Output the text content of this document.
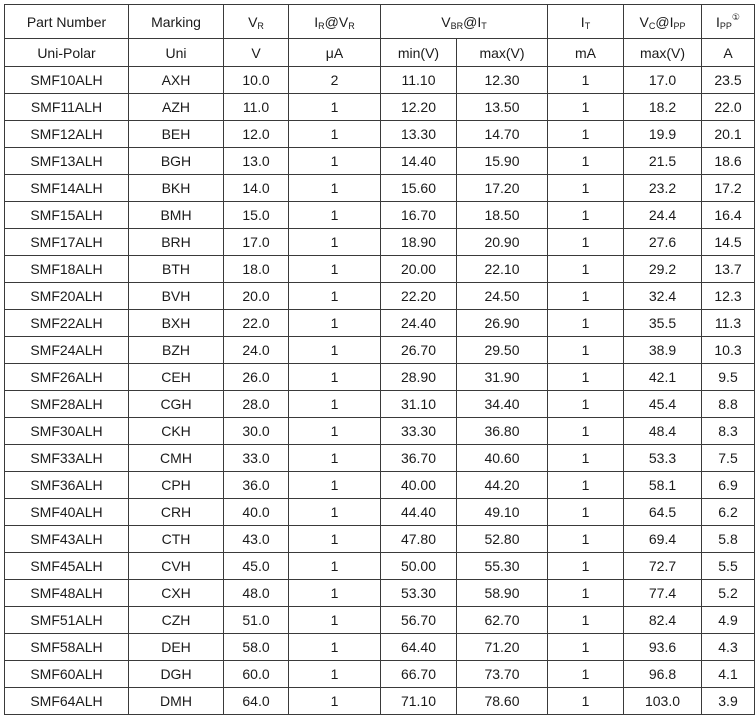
Part Number	Marking	$V_R$	$I_R@V_R$	$V_{BR}@I_T$		$I_T$	$V_C@I_{PP}$	$I_{PP}^①$
Uni-Polar	Uni	V	μA	min(V)	max(V)	mA	max(V)	A
SMF10ALH	AXH	10.0	2	11.10	12.30	1	17.0	23.5
SMF11ALH	AZH	11.0	1	12.20	13.50	1	18.2	22.0
SMF12ALH	BEH	12.0	1	13.30	14.70	1	19.9	20.1
SMF13ALH	BGH	13.0	1	14.40	15.90	1	21.5	18.6
SMF14ALH	BKH	14.0	1	15.60	17.20	1	23.2	17.2
SMF15ALH	BMH	15.0	1	16.70	18.50	1	24.4	16.4
SMF17ALH	BRH	17.0	1	18.90	20.90	1	27.6	14.5
SMF18ALH	BTH	18.0	1	20.00	22.10	1	29.2	13.7
SMF20ALH	BVH	20.0	1	22.20	24.50	1	32.4	12.3
SMF22ALH	BXH	22.0	1	24.40	26.90	1	35.5	11.3
SMF24ALH	BZH	24.0	1	26.70	29.50	1	38.9	10.3
SMF26ALH	CEH	26.0	1	28.90	31.90	1	42.1	9.5
SMF28ALH	CGH	28.0	1	31.10	34.40	1	45.4	8.8
SMF30ALH	CKH	30.0	1	33.30	36.80	1	48.4	8.3
SMF33ALH	CMH	33.0	1	36.70	40.60	1	53.3	7.5
SMF36ALH	CPH	36.0	1	40.00	44.20	1	58.1	6.9
SMF40ALH	CRH	40.0	1	44.40	49.10	1	64.5	6.2
SMF43ALH	CTH	43.0	1	47.80	52.80	1	69.4	5.8
SMF45ALH	CVH	45.0	1	50.00	55.30	1	72.7	5.5
SMF48ALH	CXH	48.0	1	53.30	58.90	1	77.4	5.2
SMF51ALH	CZH	51.0	1	56.70	62.70	1	82.4	4.9
SMF58ALH	DEH	58.0	1	64.40	71.20	1	93.6	4.3
SMF60ALH	DGH	60.0	1	66.70	73.70	1	96.8	4.1
SMF64ALH	DMH	64.0	1	71.10	78.60	1	103.0	3.9
